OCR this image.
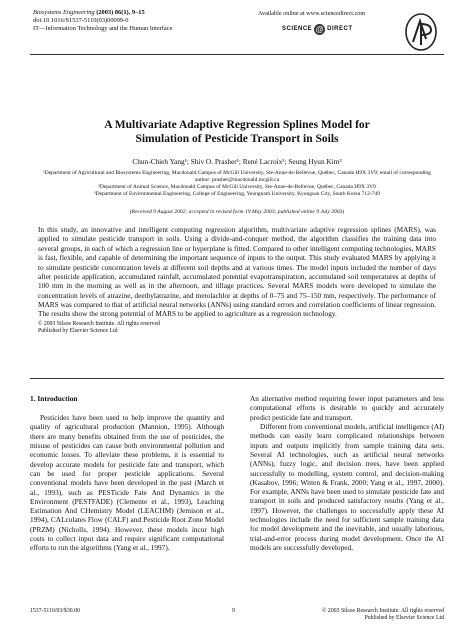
Biosystems Engineering (2003) 86(1), 9–15
doi:10.1016/S1537-5110(03)00099-0
IT—Information Technology and the Human Interface
Available online at www.sciencedirect.com
SCIENCE @ DIRECT
A Multivariate Adaptive Regression Splines Model for
Simulation of Pesticide Transport in Soils
Chun-Chieh Yang¹; Shiv O. Prasher¹; René Lacroix²; Seung Hyun Kim³
¹Department of Agricultural and Biosystems Engineering, Macdonald Campus of McGill University, Ste-Anne-de-Bellevue, Québec, Canada H9X 3V9; email of corresponding author: prasher@macdonald.mcgill.ca
²Department of Animal Science, Macdonald Campus of McGill University, Ste-Anne-de-Bellevue, Québec, Canada H9X 3V9
³Department of Environmental Engineering, College of Engineering, Yeungnam University, Kyungsan City, South Korea 712-749
(Received 9 August 2002; accepted in revised form 19 May 2003; published online 9 July 2003)
In this study, an innovative and intelligent computing regression algorithm, multivariate adaptive regression splines (MARS), was applied to simulate pesticide transport in soils. Using a divide-and-conquer method, the algorithm classifies the training data into several groups, in each of which a regression line or hyperplane is fitted. Compared to other intelligent computing technologies, MARS is fast, flexible, and capable of determining the important sequence of inputs to the output. This study evaluated MARS by applying it to simulate pesticide concentration levels at different soil depths and at various times. The model inputs included the number of days after pesticide application, accumulated rainfall, accumulated potential evapotranspiration, accumulated soil temperatures at depths of 100 mm in the morning as well as in the afternoon, and tillage practices. Several MARS models were developed to simulate the concentration levels of atrazine, deethylatrazine, and metolachlor at depths of 0–75 and 75–150 mm, respectively. The performance of MARS was compared to that of artificial neural networks (ANNs) using standard errors and correlation coefficients of linear regression. The results show the strong potential of MARS to be applied to agriculture as a regression technology.
© 2003 Silsoe Research Institute. All rights reserved
Published by Elsevier Science Ltd
1. Introduction

Pesticides have been used to help improve the quantity and quality of agricultural production (Mannion, 1995). Although there are many benefits obtained from the use of pesticides, the misuse of pesticides can cause both environmental pollution and economic losses. To alleviate these problems, it is essential to develop accurate models for pesticide fate and transport, which can be used for proper pesticide applications. Several conventional models have been developed in the past (March et al., 1993), such as PESTicide Fate And Dynamics in the Environment (PESTFADE) (Clemente et al., 1993), Leaching Estimation And CHemistry Model (LEACHM) (Jemison et al., 1994), CALculates Flow (CALF) and Pesticide Root Zone Model (PRZM) (Nicholls, 1994). However, these models incur high costs to collect input data and require significant computational efforts to run the algorithms (Yang et al., 1997).

An alternative method requiring fewer input parameters and less computational efforts is desirable to quickly and accurately predict pesticide fate and transport.

Different from conventional models, artificial intelligence (AI) methods can easily learn complicated relationships between inputs and outputs implicitly from sample training data sets. Several AI technologies, such as artificial neural networks (ANNs), fuzzy logic, and decision trees, have been applied successfully to modelling, system control, and decision-making (Kasabov, 1996; Witten & Frank, 2000; Yang et al., 1997, 2000). For example, ANNs have been used to simulate pesticide fate and transport in soils and produced satisfactory results (Yang et al., 1997). However, the challenges to successfully apply these AI technologies include the need for sufficient sample training data for model development and the inevitable, and usually laborious, trial-and-error process during model development. Once the AI models are successfully developed,

1537-5110/03/$30.00	9	© 2003 Silsoe Research Institute. All rights reserved
Published by Elsevier Science Ltd
